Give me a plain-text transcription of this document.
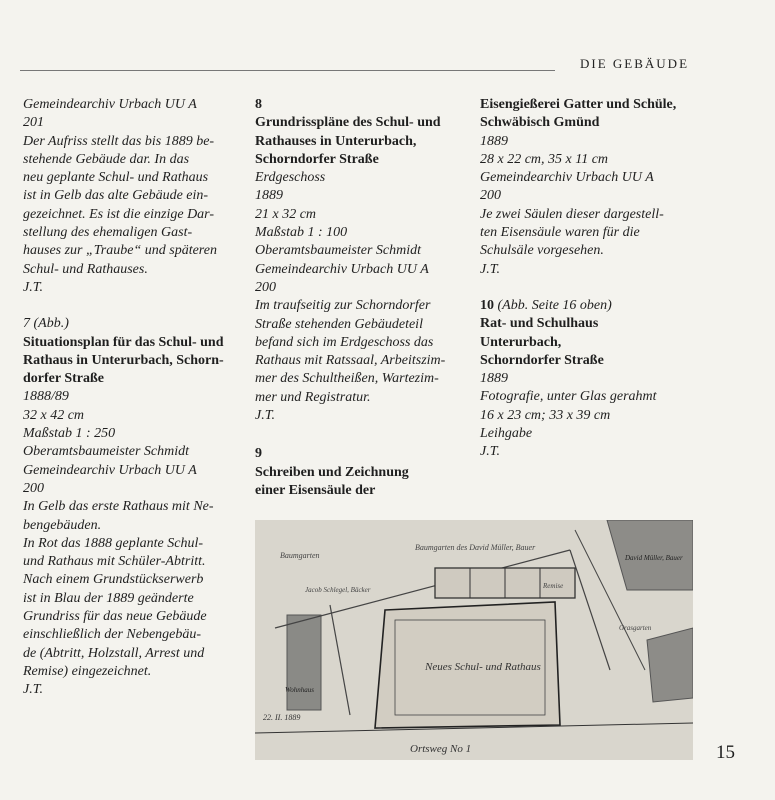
DIE GEBÄUDE

Gemeindearchiv Urbach UU A

201

Der Aufriss stellt das bis 1889 be-

stehende Gebäude dar. In das

neu geplante Schul- und Rathaus

ist in Gelb das alte Gebäude ein-

gezeichnet. Es ist die einzige Dar-

stellung des ehemaligen Gast-

hauses zur „Traube“ und späteren

Schul- und Rathauses.

J.T.

7 (Abb.)

Situationsplan für das Schul- und

Rathaus in Unterurbach, Schorn-

dorfer Straße

1888/89

32 x 42 cm

Maßstab 1 : 250

Oberamtsbaumeister Schmidt

Gemeindearchiv Urbach UU A

200

In Gelb das erste Rathaus mit Ne-

bengebäuden.

In Rot das 1888 geplante Schul-

und Rathaus mit Schüler-Abtritt.

Nach einem Grundstückserwerb

ist in Blau der 1889 geänderte

Grundriss für das neue Gebäude

einschließlich der Nebengebäu-

de (Abtritt, Holzstall, Arrest und

Remise) eingezeichnet.

J.T.

8

Grundrisspläne des Schul- und

Rathauses in Unterurbach,

Schorndorfer Straße

Erdgeschoss

1889

21 x 32 cm

Maßstab 1 : 100

Oberamtsbaumeister Schmidt

Gemeindearchiv Urbach UU A

200

Im traufseitig zur Schorndorfer

Straße stehenden Gebäudeteil

befand sich im Erdgeschoss das

Rathaus mit Ratssaal, Arbeitszim-

mer des Schultheißen, Wartezim-

mer und Registratur.

J.T.

9

Schreiben und Zeichnung

einer Eisensäule der

Eisengießerei Gatter und Schüle,

Schwäbisch Gmünd

1889

28 x 22 cm, 35 x 11 cm

Gemeindearchiv Urbach UU A

200

Je zwei Säulen dieser dargestell-

ten Eisensäule waren für die

Schulsäle vorgesehen.

J.T.

10 (Abb. Seite 16 oben)

Rat- und Schulhaus

Unterurbach,

Schorndorfer Straße

1889

Fotografie, unter Glas gerahmt

16 x 23 cm; 33 x 39 cm

Leihgabe

J.T.

Neues Schul- und Rathaus
Ortsweg No 1
Baumgarten des David Müller, Bauer
Baumgarten
Remise
Jacob Schlegel, Bäcker
22. II. 1889
David Müller, Bauer
Grasgarten
Wohnhaus
15
